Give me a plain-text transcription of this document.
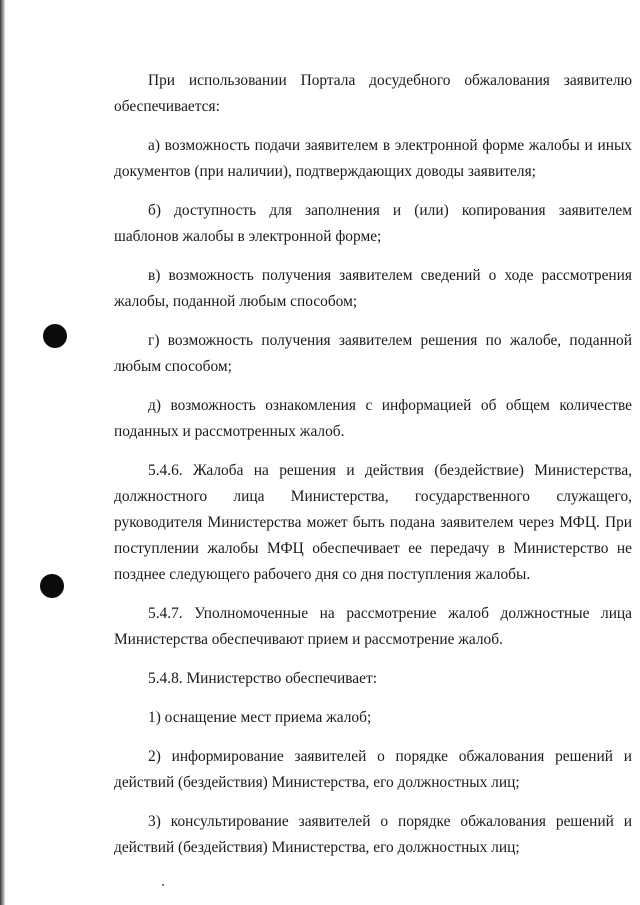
При использовании Портала досудебного обжалования заявителю обеспечивается:

а) возможность подачи заявителем в электронной форме жалобы и иных документов (при наличии), подтверждающих доводы заявителя;

б) доступность для заполнения и (или) копирования заявителем шаблонов жалобы в электронной форме;

в) возможность получения заявителем сведений о ходе рассмотрения жалобы, поданной любым способом;

г) возможность получения заявителем решения по жалобе, поданной любым способом;

д) возможность ознакомления с информацией об общем количестве поданных и рассмотренных жалоб.

5.4.6. Жалоба на решения и действия (бездействие) Министерства, должностного лица Министерства, государственного служащего, руководителя Министерства может быть подана заявителем через МФЦ. При поступлении жалобы МФЦ обеспечивает ее передачу в Министерство не позднее следующего рабочего дня со дня поступления жалобы.

5.4.7. Уполномоченные на рассмотрение жалоб должностные лица Министерства обеспечивают прием и рассмотрение жалоб.

5.4.8. Министерство обеспечивает:

1) оснащение мест приема жалоб;

2) информирование заявителей о порядке обжалования решений и действий (бездействия) Министерства, его должностных лиц;

3) консультирование заявителей о порядке обжалования решений и действий (бездействия) Министерства, его должностных лиц;
